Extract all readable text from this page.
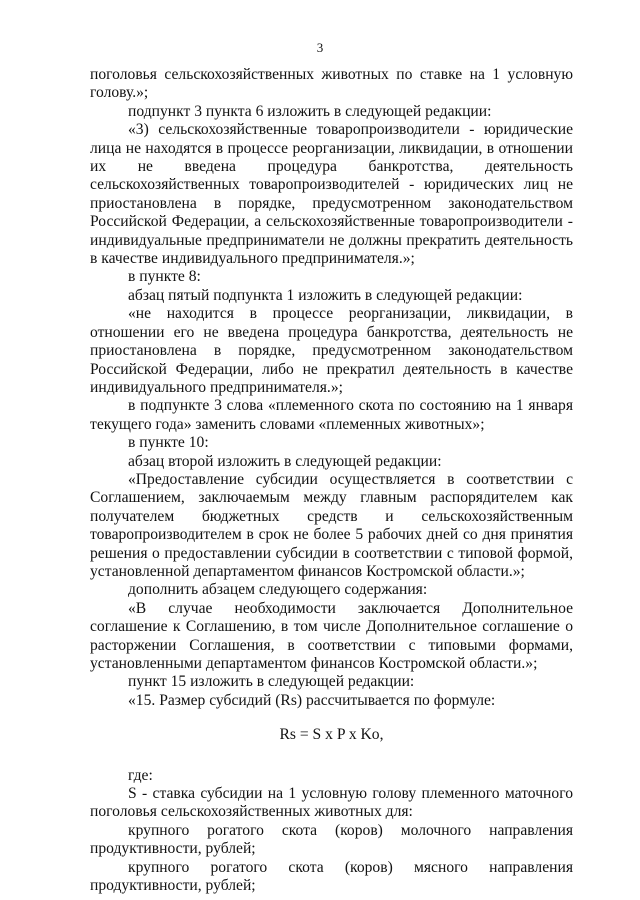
3

поголовья сельскохозяйственных животных по ставке на 1 условную голову.»;

подпункт 3 пункта 6 изложить в следующей редакции:

«3) сельскохозяйственные товаропроизводители - юридические лица не находятся в процессе реорганизации, ликвидации, в отношении их не введена процедура банкротства, деятельность сельскохозяйственных товаропроизводителей - юридических лиц не приостановлена в порядке, предусмотренном законодательством Российской Федерации, а сельскохозяйственные товаропроизводители - индивидуальные предприниматели не должны прекратить деятельность в качестве индивидуального предпринимателя.»;

в пункте 8:

абзац пятый подпункта 1 изложить в следующей редакции:

«не находится в процессе реорганизации, ликвидации, в отношении его не введена процедура банкротства, деятельность не приостановлена в порядке, предусмотренном законодательством Российской Федерации, либо не прекратил деятельность в качестве индивидуального предпринимателя.»;

в подпункте 3 слова «племенного скота по состоянию на 1 января текущего года» заменить словами «племенных животных»;

в пункте 10:

абзац второй изложить в следующей редакции:

«Предоставление субсидии осуществляется в соответствии с Соглашением, заключаемым между главным распорядителем как получателем бюджетных средств и сельскохозяйственным товаропроизводителем в срок не более 5 рабочих дней со дня принятия решения о предоставлении субсидии в соответствии с типовой формой, установленной департаментом финансов Костромской области.»;

дополнить абзацем следующего содержания:

«В случае необходимости заключается Дополнительное соглашение к Соглашению, в том числе Дополнительное соглашение о расторжении Соглашения, в соответствии с типовыми формами, установленными департаментом финансов Костромской области.»;

пункт 15 изложить в следующей редакции:

«15. Размер субсидий (Rs) рассчитывается по формуле:

Rs = S x P x Ko,

где:

S - ставка субсидии на 1 условную голову племенного маточного поголовья сельскохозяйственных животных для:

крупного рогатого скота (коров) молочного направления продуктивности, рублей;

крупного рогатого скота (коров) мясного направления продуктивности, рублей;
